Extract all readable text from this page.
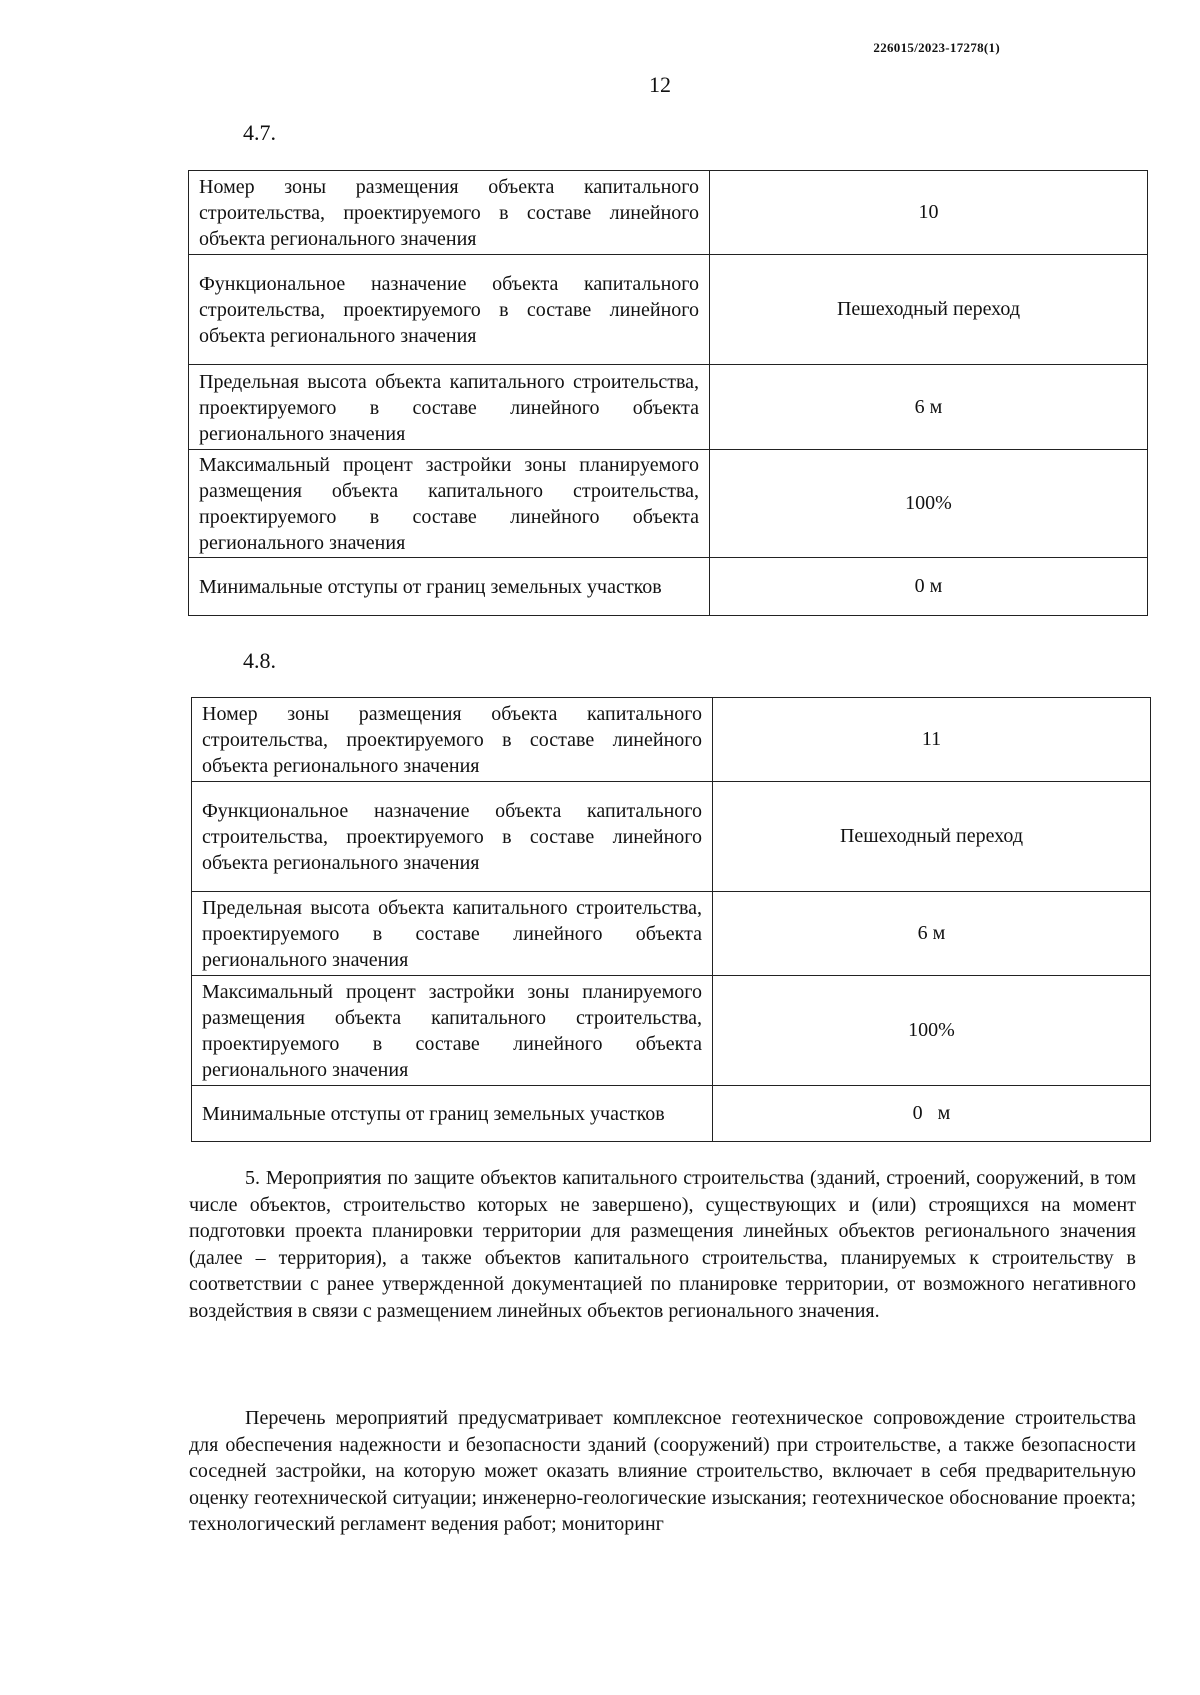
226015/2023-17278(1)
12
4.7.
Номер зоны размещения объекта капитального строительства, проектируемого в составе линейного объекта регионального значения	10
Функциональное назначение объекта капитального строительства, проектируемого в составе линейного объекта регионального значения	Пешеходный переход
Предельная высота объекта капитального строительства, проектируемого в составе линейного объекта регионального значения	6 м
Максимальный процент застройки зоны планируемого размещения объекта капитального строительства, проектируемого в составе линейного объекта регионального значения	100%
Минимальные отступы от границ земельных участков	0 м
4.8.
Номер зоны размещения объекта капитального строительства, проектируемого в составе линейного объекта регионального значения	11
Функциональное назначение объекта капитального строительства, проектируемого в составе линейного объекта регионального значения	Пешеходный переход
Предельная высота объекта капитального строительства, проектируемого в составе линейного объекта регионального значения	6 м
Максимальный процент застройки зоны планируемого размещения объекта капитального строительства, проектируемого в составе линейного объекта регионального значения	100%
Минимальные отступы от границ земельных участков	0   м

5. Мероприятия по защите объектов капитального строительства (зданий, строений, сооружений, в том числе объектов, строительство которых не завершено), существующих и (или) строящихся на момент подготовки проекта планировки территории для размещения линейных объектов регионального значения (далее – территория), а также объектов капитального строительства, планируемых к строительству в соответствии с ранее утвержденной документацией по планировке территории, от возможного негативного воздействия в связи с размещением линейных объектов регионального значения.

Перечень мероприятий предусматривает комплексное геотехническое сопровождение строительства для обеспечения надежности и безопасности зданий (сооружений) при строительстве, а также безопасности соседней застройки, на которую может оказать влияние строительство, включает в себя предварительную оценку геотехнической ситуации; инженерно-геологические изыскания; геотехническое обоснование проекта; технологический регламент ведения работ; мониторинг
